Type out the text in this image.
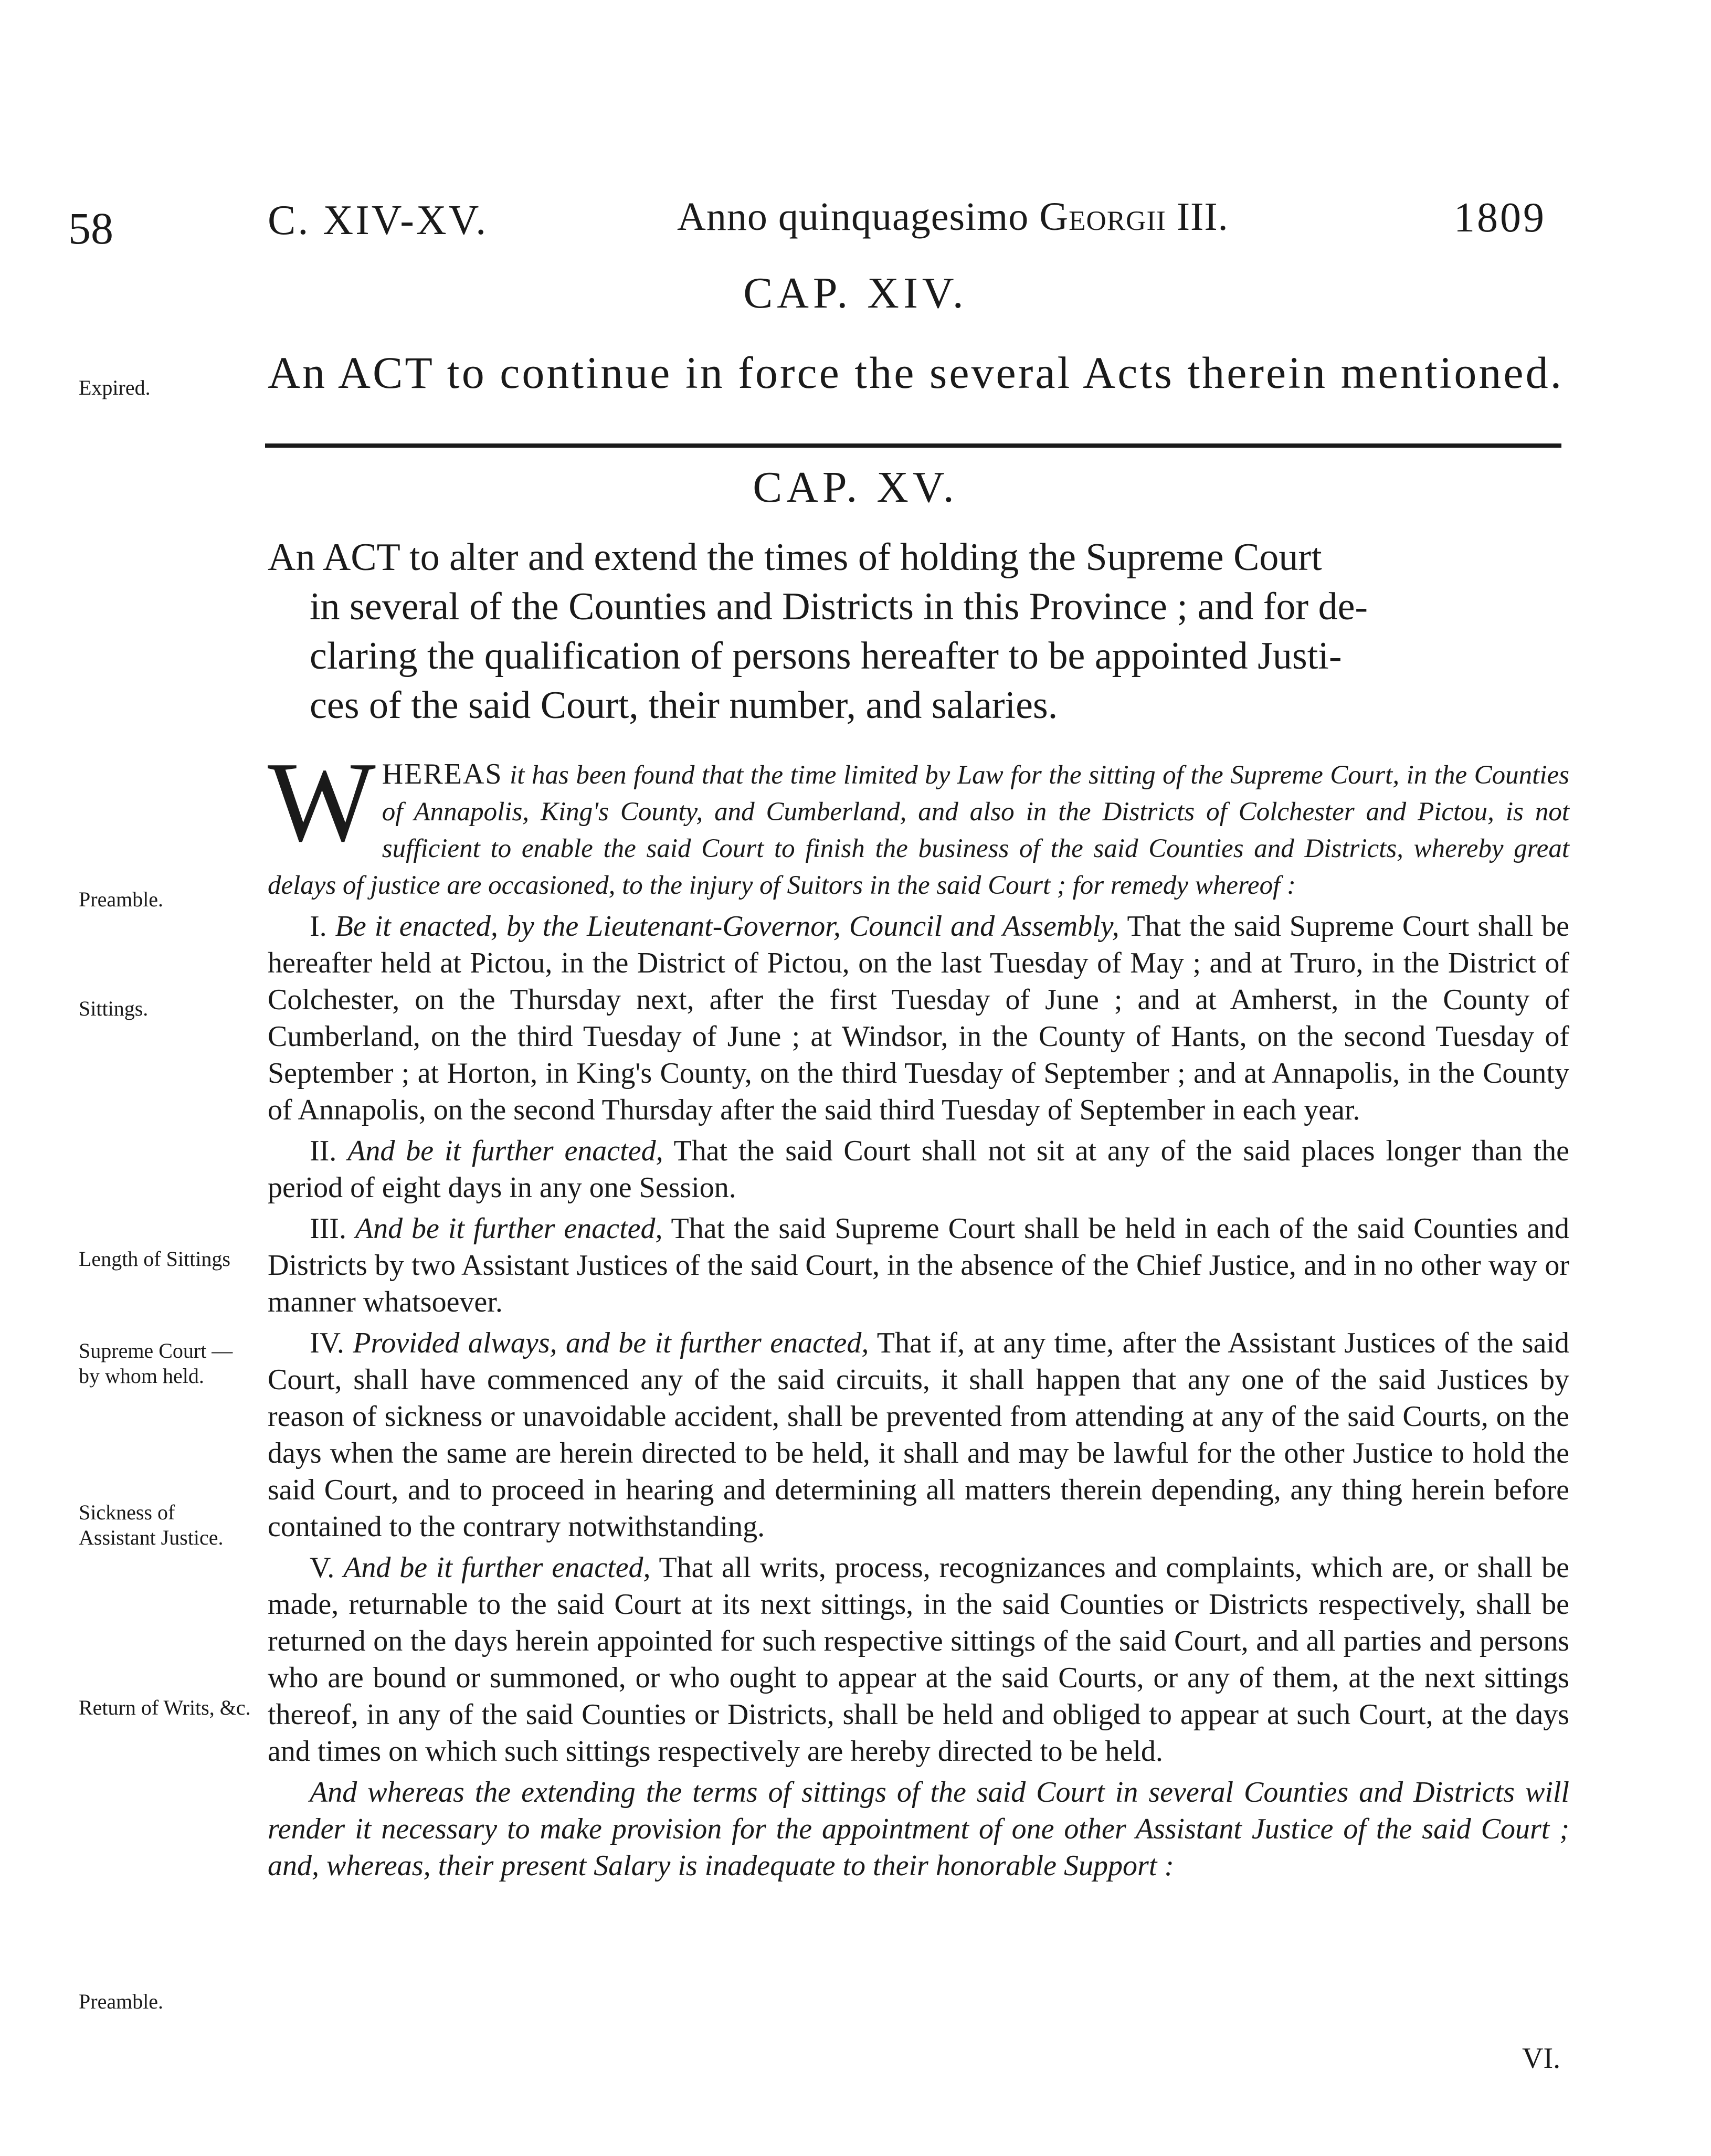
58	C. XIV-XV.	Anno quinquagesimo Georgii III.	1809
CAP. XIV.
Expired.	An ACT to continue in force the several Acts therein mentioned.
CAP. XV.
An ACT to alter and extend the times of holding the Supreme Court
in several of the Counties and Districts in this Province ; and for de-
claring the qualification of persons hereafter to be appointed Justi-
ces of the said Court, their number, and salaries.
Preamble.
Sittings.
Length of Sittings
Supreme Court —by whom held.
Sickness of Assistant Justice.
Return of Writs, &c.
Preamble.

WHEREAS it has been found that the time limited by Law for the sitting of the Supreme Court, in the Counties of Annapolis, King's County, and Cumberland, and also in the Districts of Colchester and Pictou, is not sufficient to enable the said Court to finish the business of the said Counties and Districts, whereby great delays of justice are occasioned, to the injury of Suitors in the said Court ; for remedy whereof :

I. Be it enacted, by the Lieutenant-Governor, Council and Assembly, That the said Supreme Court shall be hereafter held at Pictou, in the District of Pictou, on the last Tuesday of May ; and at Truro, in the District of Colchester, on the Thursday next, after the first Tuesday of June ; and at Amherst, in the County of Cumberland, on the third Tuesday of June ; at Windsor, in the County of Hants, on the second Tuesday of September ; at Horton, in King's County, on the third Tuesday of September ; and at Annapolis, in the County of Annapolis, on the second Thursday after the said third Tuesday of September in each year.

II. And be it further enacted, That the said Court shall not sit at any of the said places longer than the period of eight days in any one Session.

III. And be it further enacted, That the said Supreme Court shall be held in each of the said Counties and Districts by two Assistant Justices of the said Court, in the absence of the Chief Justice, and in no other way or manner whatsoever.

IV. Provided always, and be it further enacted, That if, at any time, after the Assistant Justices of the said Court, shall have commenced any of the said circuits, it shall happen that any one of the said Justices by reason of sickness or unavoidable accident, shall be prevented from attending at any of the said Courts, on the days when the same are herein directed to be held, it shall and may be lawful for the other Justice to hold the said Court, and to proceed in hearing and determining all matters therein depending, any thing herein before contained to the contrary notwithstanding.

V. And be it further enacted, That all writs, process, recognizances and complaints, which are, or shall be made, returnable to the said Court at its next sittings, in the said Counties or Districts respectively, shall be returned on the days herein appointed for such respective sittings of the said Court, and all parties and persons who are bound or summoned, or who ought to appear at the said Courts, or any of them, at the next sittings thereof, in any of the said Counties or Districts, shall be held and obliged to appear at such Court, at the days and times on which such sittings respectively are hereby directed to be held.

And whereas the extending the terms of sittings of the said Court in several Counties and Districts will render it necessary to make provision for the appointment of one other Assistant Justice of the said Court ; and, whereas, their present Salary is inadequate to their honorable Support :

VI.
